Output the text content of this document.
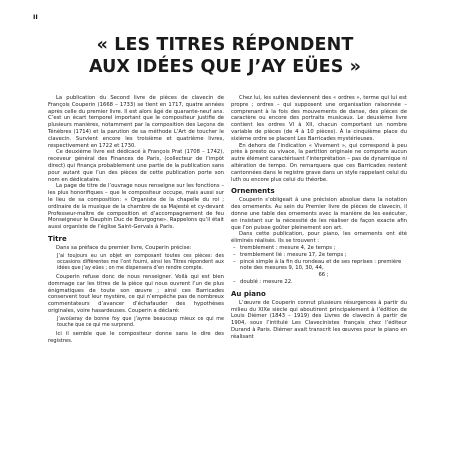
II
« LES TITRES RÉPONDENT
AUX IDÉES QUE J’AY EÜES »

La publication du Second livre de pièces de clavecin de François Couperin (1668 – 1733) se tient en 1717, quatre années après celle du premier livre. Il est alors âgé de quarante-neuf ans. C’est un écart temporel important que le compositeur justifie de plusieurs manières, notamment par la composition des Leçons de Ténèbres (1714) et la parution de sa méthode L’Art de toucher le clavecin. Survient encore les troisième et quatrième livres, respectivement en 1722 et 1730.

Ce deuxième livre est dédicacé à François Prat (1708 – 1742), receveur général des Finances de Paris, (collecteur de l’impôt direct) qui finança probablement une partie de la publication sans pour autant que l’un des pièces de cette publication porte son nom en dédicataire.

La page de titre de l’ouvrage nous renseigne sur les fonctions – les plus honorifiques – que le compositeur occupe, mais aussi sur le lieu de sa composition: « Organiste de la chapelle du roi ; ordinaire de la musique de la chambre de sa Majesté et cy-devant Professeur-maître de composition et d’accompagnement de feu Monseigneur le Dauphin Duc de Bourgogne». Rappelons qu’il était aussi organiste de l’église Saint-Gervais à Paris.

Titre

Dans sa préface du premier livre, Couperin précise:

J’ai toujours eu un objet en composant toutes ces pièces: des occasions différentes me l’ont fourni, ainsi les Titres répondent aux idées que j’ay eües ; on me dispensera d’en rendre compte.

Couperin refuse donc de nous renseigner. Voilà qui est bien dommage car les titres de la pièce qui nous ouvrent l’un de plus énigmatiques de toute son œuvre ; ainsi ces Barricades conservent tout leur mystère, ce qui n’empêche pas de nombreux commentateurs d’avancer d’échafauder des hypothèses originales, voire hasardeuses. Couperin a déclaré:

J’avoüeray de bonne foy que j’ayme beaucoup mieux ce qui me touche que ce qui me surprend.

Ici il semble que le compositeur donne sans le dire des registres.

Chez lui, les suites deviennent des « ordres », terme qui lui est propre ; ordres – qui supposent une organisation raisonnée – comprenant à la fois des mouvements de danse, des pièces de caractère ou encore des portraits musicaux. Le deuxième livre contient les ordres VI à XII, chacun comportant un nombre variable de pièces (de 4 à 10 pièces). À la cinquième place du sixième ordre se placent Les Barricades mystérieuses.

En dehors de l’indication « Vivement », qui correspond à peu près à presto ou vivace, la partition originale ne comporte aucun autre élément caractérisant l’interprétation – pas de dynamique ni altération de tempo. On remarquera que ces Barricades restent cantonnées dans le registre grave dans un style rappelant celui du luth ou encore plus celui du théorbe.

Ornements

Couperin s’obligeait à une précision absolue dans la notation des ornements. Au sein du Premier livre de pièces de clavecin, il donne une table des ornements avec la manière de les exécuter, en insistant sur la nécessité de les réaliser de façon exacte afin que l’on puisse goûter pleinement son art.

Dans cette publication, pour piano, les ornements ont été éliminés réalisés. Ils se trouvent :

– tremblement : mesure 4, 2e temps ;
– tremblement lié : mesure 17, 2e temps ;
– pincé simple à la fin du rondeau et de ses reprises : première note des mesures 9, 10, 30, 44,
66 ;
– doublé : mesure 22.
Au piano

L’œuvre de Couperin connut plusieurs résurgences à partir du milieu du XIXe siècle qui aboutirent principalement à l’édition de Louis Diémer (1843 – 1919) des Livres de clavecin à partir de 1904, sous l’intitulé Les Clavecinistes français chez l’éditeur Durand à Paris. Diémer avait transcrit les œuvres pour le piano en réalisant
